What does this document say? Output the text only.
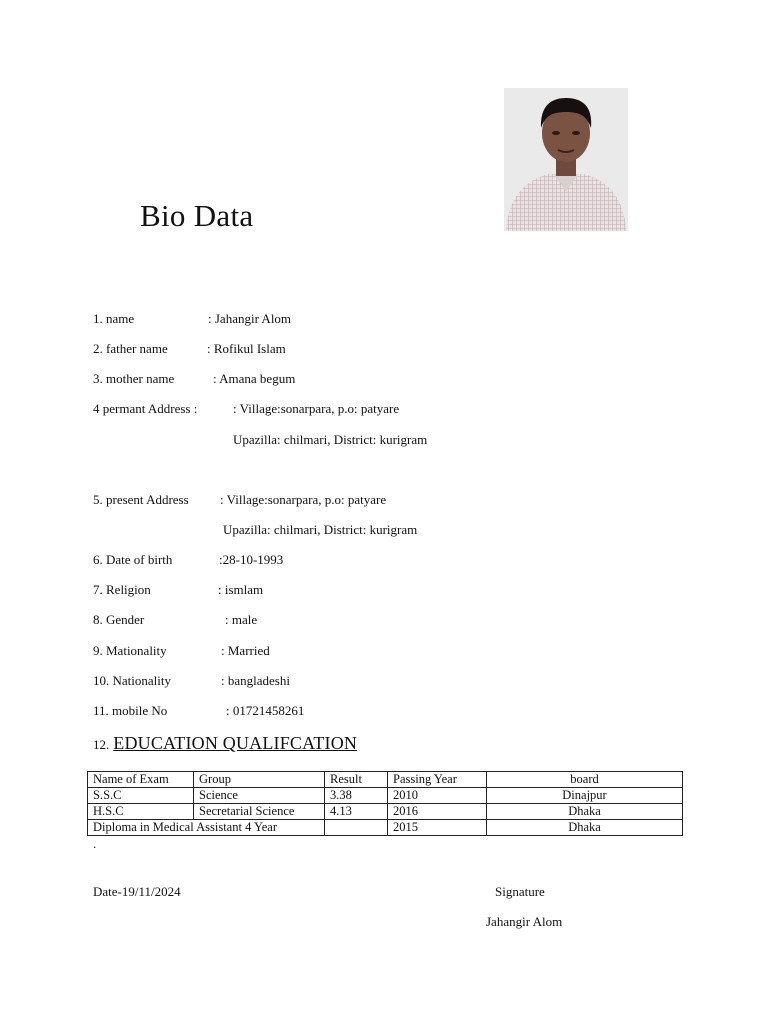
Bio Data
1. name	: Jahangir Alom
2. father name	: Rofikul Islam
3. mother name	: Amana begum
4 permant Address :	: Village:sonarpara, p.o: patyare
Upazilla: chilmari, District: kurigram
5. present Address : Village:sonarpara, p.o: patyare
Upazilla: chilmari, District: kurigram
6. Date of birth	:28-10-1993
7. Religion	: ismlam
8. Gender	: male
9. Mationality	: Married
10. Nationality	: bangladeshi
11. mobile No	: 01721458261
12. EDUCATION QUALIFCATION
Name of Exam	Group	Result	Passing Year	board
S.S.C	Science	3.38	2010	Dinajpur
H.S.C	Secretarial Science	4.13	2016	Dhaka
Diploma in Medical Assistant 4 Year			2015	Dhaka
.
Date-19/11/2024	Signature
Jahangir Alom
